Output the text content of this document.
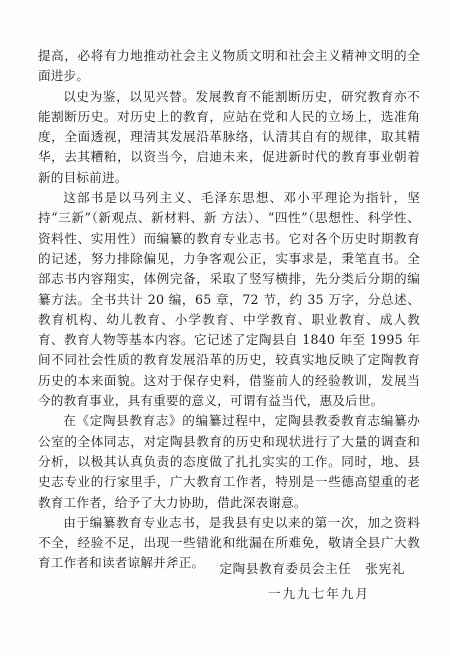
提高，必将有力地推动社会主义物质文明和社会主义精神文明的全面进步。

以史为鉴，以见兴替。发展教育不能割断历史，研究教育亦不能割断历史。对历史上的教育，应站在党和人民的立场上，选准角度，全面透视，理清其发展沿革脉络，认清其自有的规律，取其精华，去其糟粕，以资当今，启迪未来，促进新时代的教育事业朝着新的目标前进。

这部书是以马列主义、毛泽东思想、邓小平理论为指针，坚持“三新”（新观点、新材料、新 方法）、“四性”（思想性、科学性、资料性、实用性）而编纂的教育专业志书。它对各个历史时期教育的记述，努力排除偏见，力争客观公正，实事求是，秉笔直书。全部志书内容翔实，体例完备，采取了竖写横排，先分类后分期的编纂方法。全书共计 20 编，65 章，72 节，约 35 万字，分总述、教育机构、幼儿教育、小学教育、中学教育、职业教育、成人教育、教育人物等基本内容。它记述了定陶县自 1840 年至 1995 年间不同社会性质的教育发展沿革的历史，较真实地反映了定陶教育历史的本来面貌。这对于保存史料，借鉴前人的经验教训，发展当今的教育事业，具有重要的意义，可谓有益当代，惠及后世。

在《定陶县教育志》的编纂过程中，定陶县教委教育志编纂办公室的全体同志，对定陶县教育的历史和现状进行了大量的调查和分析，以极其认真负责的态度做了扎扎实实的工作。同时，地、县史志专业的行家里手，广大教育工作者，特别是一些德高望重的老教育工作者，给予了大力协助，借此深表谢意。

由于编纂教育专业志书，是我县有史以来的第一次，加之资料不全，经验不足，出现一些错讹和纰漏在所难免，敬请全县广大教育工作者和读者谅解并斧正。	定陶县教育委员会主任 张宪礼
一九九七年九月
